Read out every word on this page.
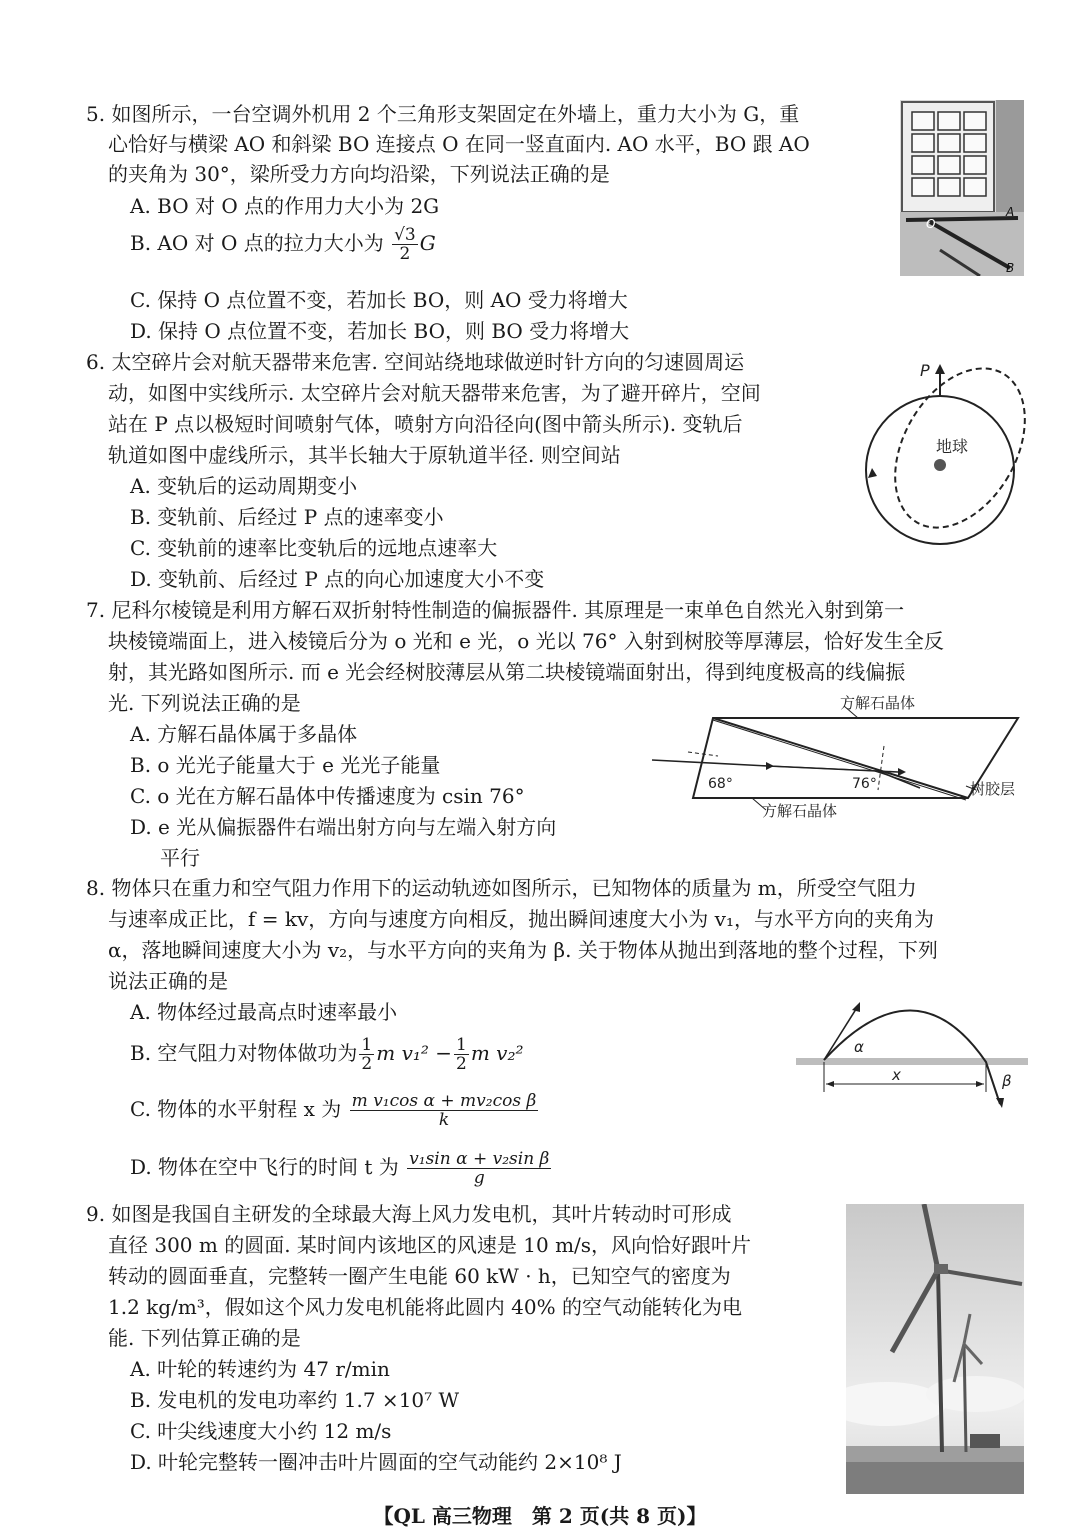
5. 如图所示，一台空调外机用 2 个三角形支架固定在外墙上，重力大小为 G，重
心恰好与横梁 AO 和斜梁 BO 连接点 O 在同一竖直面内. AO 水平，BO 跟 AO
的夹角为 30°，梁所受力方向均沿梁，下列说法正确的是
A. BO 对 O 点的作用力大小为 2G
B. AO 对 O 点的拉力大小为 $\frac{√3}{2}$ G
C. 保持 O 点位置不变，若加长 BO，则 AO 受力将增大
D. 保持 O 点位置不变，若加长 BO，则 BO 受力将增大
O
A
B
6. 太空碎片会对航天器带来危害. 空间站绕地球做逆时针方向的匀速圆周运
动，如图中实线所示. 太空碎片会对航天器带来危害，为了避开碎片，空间
站在 P 点以极短时间喷射气体，喷射方向沿径向(图中箭头所示). 变轨后
轨道如图中虚线所示，其半长轴大于原轨道半径. 则空间站
A. 变轨后的运动周期变小
B. 变轨前、后经过 P 点的速率变小
C. 变轨前的速率比变轨后的远地点速率大
D. 变轨前、后经过 P 点的向心加速度大小不变
P
地球
7. 尼科尔棱镜是利用方解石双折射特性制造的偏振器件. 其原理是一束单色自然光入射到第一
块棱镜端面上，进入棱镜后分为 o 光和 e 光，o 光以 76° 入射到树胶等厚薄层，恰好发生全反
射，其光路如图所示. 而 e 光会经树胶薄层从第二块棱镜端面射出，得到纯度极高的线偏振
光. 下列说法正确的是
A. 方解石晶体属于多晶体
B. o 光光子能量大于 e 光光子能量
C. o 光在方解石晶体中传播速度为 csin 76°
D. e 光从偏振器件右端出射方向与左端入射方向
平行
方解石晶体
方解石晶体
树胶层
68°	76°
8. 物体只在重力和空气阻力作用下的运动轨迹如图所示，已知物体的质量为 m，所受空气阻力
与速率成正比，f = kv，方向与速度方向相反，抛出瞬间速度大小为 v₁，与水平方向的夹角为
α，落地瞬间速度大小为 v₂，与水平方向的夹角为 β. 关于物体从抛出到落地的整个过程，下列
说法正确的是
A. 物体经过最高点时速率最小
B. 空气阻力对物体做功为 $\frac{1}{2}$ m $v_1^2 - \frac{1}{2}$ m v₂²
C. 物体的水平射程 x 为 $\frac{\text{m v₁cos α + mv₂cos β}}{k}$
D. 物体在空中飞行的时间 t 为 $\frac{\text{v₁sin α + v₂sin β}}{g}$
α
β
x
9. 如图是我国自主研发的全球最大海上风力发电机，其叶片转动时可形成
直径 300 m 的圆面. 某时间内该地区的风速是 10 m/s，风向恰好跟叶片
转动的圆面垂直，完整转一圈产生电能 60 kW · h，已知空气的密度为
1.2 kg/m³，假如这个风力发电机能将此圆内 40% 的空气动能转化为电
能. 下列估算正确的是
A. 叶轮的转速约为 47 r/min
B. 发电机的发电功率约 1.7 ×10⁷ W
C. 叶尖线速度大小约 12 m/s
D. 叶轮完整转一圈冲击叶片圆面的空气动能约 2×10⁸ J
【QL 高三物理　第 2 页(共 8 页)】
